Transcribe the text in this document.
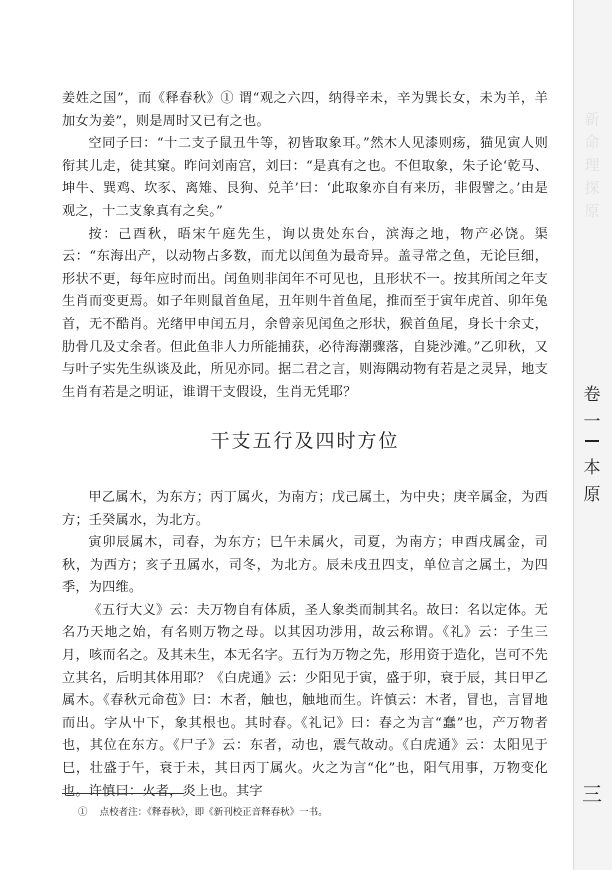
姜姓之国”，而《释春秋》① 谓“观之六四，纳得辛未，辛为巽长女，未为羊，羊加女为姜”，则是周时又已有之也。

空同子曰：“十二支子鼠丑牛等，初皆取象耳。”然木人见漆则疡，猫见寅人则衔其儿走，徒其窠。昨问刘南宫，刘曰：“是真有之也。不但取象，朱子论‘乾马、坤牛、巽鸡、坎豕、离雉、艮狗、兑羊’曰：‘此取象亦自有来历，非假譬之。’由是观之，十二支象真有之矣。”

按：己酉秋，晤宋午庭先生，询以贵处东台，滨海之地，物产必饶。渠云：“东海出产，以动物占多数，而尤以闰鱼为最奇异。盖寻常之鱼，无论巨细，形状不更，每年应时而出。闰鱼则非闰年不可见也，且形状不一。按其所闰之年支生肖而变更焉。如子年则鼠首鱼尾，丑年则牛首鱼尾，推而至于寅年虎首、卯年兔首，无不酷肖。光绪甲申闰五月，余曾亲见闰鱼之形状，猴首鱼尾，身长十余丈，肋骨几及丈余者。但此鱼非人力所能捕获，必待海潮骤落，自毙沙滩。”乙卯秋，又与叶子实先生纵谈及此，所见亦同。据二君之言，则海隅动物有若是之灵异，地支生肖有若是之明证，谁谓干支假设，生肖无凭耶？

干支五行及四时方位

甲乙属木，为东方；丙丁属火，为南方；戊己属土，为中央；庚辛属金，为西方；壬癸属水，为北方。

寅卯辰属木，司春，为东方；巳午未属火，司夏，为南方；申酉戌属金，司秋，为西方；亥子丑属水，司冬，为北方。辰未戌丑四支，单位言之属土，为四季，为四维。

《五行大义》云：夫万物自有体质，圣人象类而制其名。故曰：名以定体。无名乃天地之始，有名则万物之母。以其因功涉用，故云称谓。《礼》云：子生三月，咳而名之。及其未生，本无名字。五行为万物之先，形用资于造化，岂可不先立其名，后明其体用耶？《白虎通》云：少阳见于寅，盛于卯，衰于辰，其日甲乙属木。《春秋元命苞》曰：木者，触也，触地而生。许慎云：木者，冒也，言冒地而出。字从屮下，象其根也。其时春。《礼记》曰：春之为言“蠢”也，产万物者也，其位在东方。《尸子》云：东者，动也，震气故动。《白虎通》云：太阳见于巳，壮盛于午，衰于未，其日丙丁属火。火之为言“化”也，阳气用事，万物变化也。许慎曰：火者，炎上也。其字

① 点校者注：《释春秋》，即《新刊校正音释春秋》一书。
新命理探原
卷一
本原
三
